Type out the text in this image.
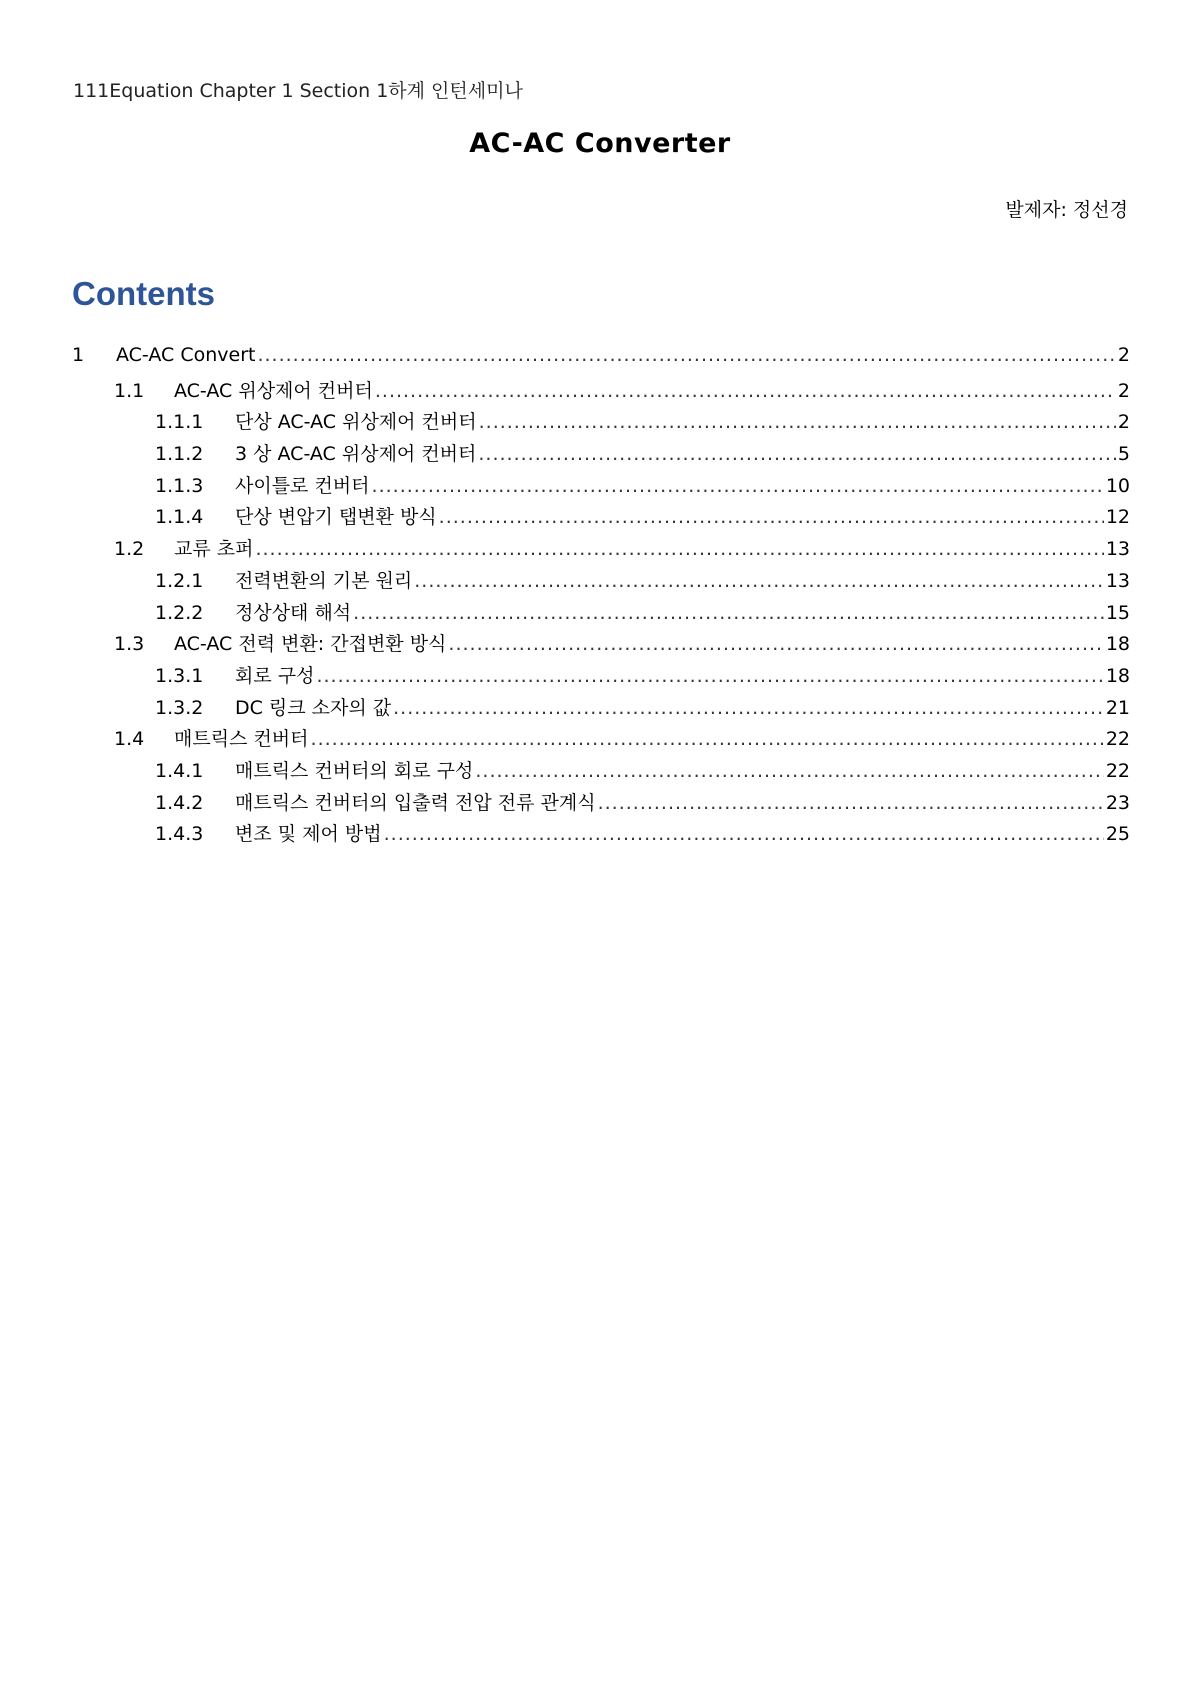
111Equation Chapter 1 Section 1하계 인턴세미나
AC-AC Converter
발제자: 정선경
Contents
1	AC-AC Convert .....	2
1.1	AC-AC 위상제어 컨버터 .....	2
1.1.1	단상 AC-AC 위상제어 컨버터 .....	2
1.1.2	3 상 AC-AC 위상제어 컨버터 .....	5
1.1.3	사이틀로 컨버터 .....	10
1.1.4	단상 변압기 탭변환 방식 .....	12
1.2	교류 초퍼 .....	13
1.2.1	전력변환의 기본 원리 .....	13
1.2.2	정상상태 해석 .....	15
1.3	AC-AC 전력 변환: 간접변환 방식 .....	18
1.3.1	회로 구성 .....	18
1.3.2	DC 링크 소자의 값 .....	21
1.4	매트릭스 컨버터 .....	22
1.4.1	매트릭스 컨버터의 회로 구성 .....	22
1.4.2	매트릭스 컨버터의 입출력 전압 전류 관계식 .....	23
1.4.3	변조 및 제어 방법 .....	25
